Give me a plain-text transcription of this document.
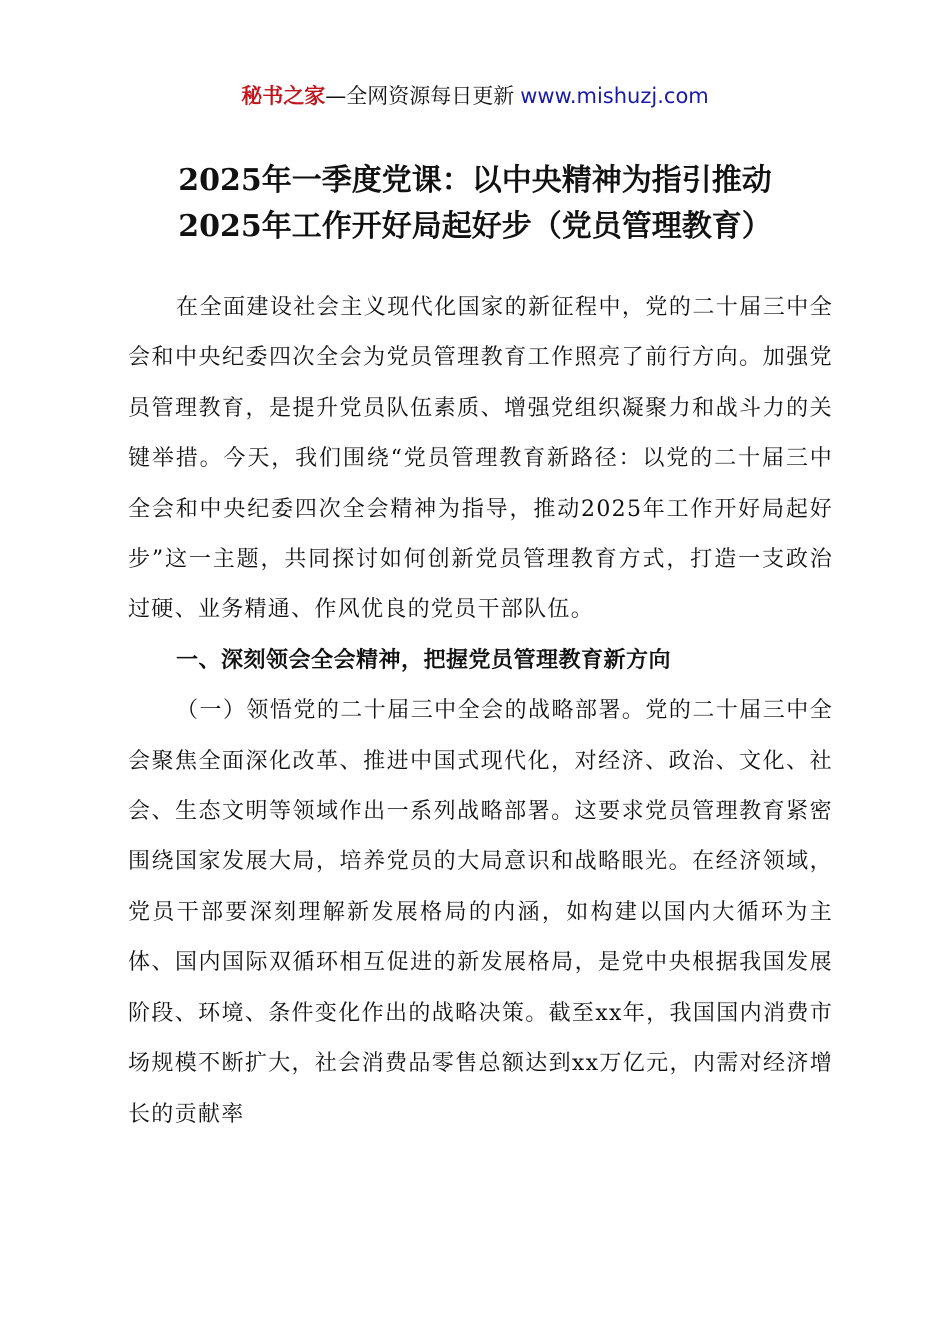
秘书之家—全网资源每日更新 www.mishuzj.com
2025年一季度党课：以中央精神为指引推动
2025年工作开好局起好步（党员管理教育）

在全面建设社会主义现代化国家的新征程中，党的二十届三中全会和中央纪委四次全会为党员管理教育工作照亮了前行方向。加强党员管理教育，是提升党员队伍素质、增强党组织凝聚力和战斗力的关键举措。今天，我们围绕“党员管理教育新路径：以党的二十届三中全会和中央纪委四次全会精神为指导，推动2025年工作开好局起好步”这一主题，共同探讨如何创新党员管理教育方式，打造一支政治过硬、业务精通、作风优良的党员干部队伍。

一、深刻领会全会精神，把握党员管理教育新方向

（一）领悟党的二十届三中全会的战略部署。党的二十届三中全会聚焦全面深化改革、推进中国式现代化，对经济、政治、文化、社会、生态文明等领域作出一系列战略部署。这要求党员管理教育紧密围绕国家发展大局，培养党员的大局意识和战略眼光。在经济领域，党员干部要深刻理解新发展格局的内涵，如构建以国内大循环为主体、国内国际双循环相互促进的新发展格局，是党中央根据我国发展阶段、环境、条件变化作出的战略决策。截至xx年，我国国内消费市场规模不断扩大，社会消费品零售总额达到xx万亿元，内需对经济增长的贡献率
